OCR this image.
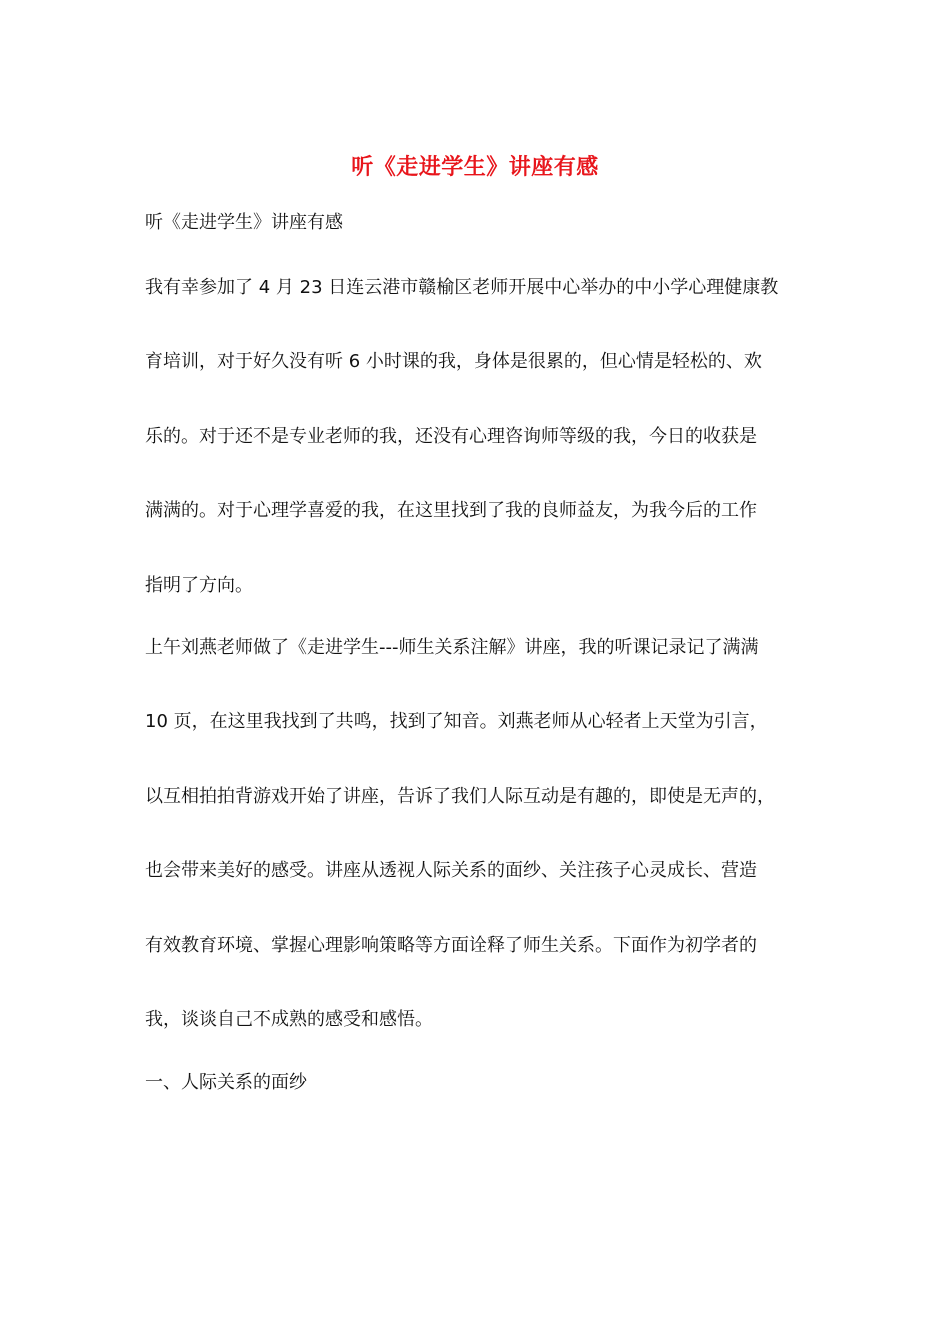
听《走进学生》讲座有感
听《走进学生》讲座有感
我有幸参加了 4 月 23 日连云港市赣榆区老师开展中心举办的中小学心理健康教
育培训，对于好久没有听 6 小时课的我，身体是很累的，但心情是轻松的、欢
乐的。对于还不是专业老师的我，还没有心理咨询师等级的我，今日的收获是
满满的。对于心理学喜爱的我，在这里找到了我的良师益友，为我今后的工作
指明了方向。
上午刘燕老师做了《走进学生---师生关系注解》讲座，我的听课记录记了满满
10 页，在这里我找到了共鸣，找到了知音。刘燕老师从心轻者上天堂为引言，
以互相拍拍背游戏开始了讲座，告诉了我们人际互动是有趣的，即使是无声的，
也会带来美好的感受。讲座从透视人际关系的面纱、关注孩子心灵成长、营造
有效教育环境、掌握心理影响策略等方面诠释了师生关系。下面作为初学者的
我，谈谈自己不成熟的感受和感悟。
一、人际关系的面纱
